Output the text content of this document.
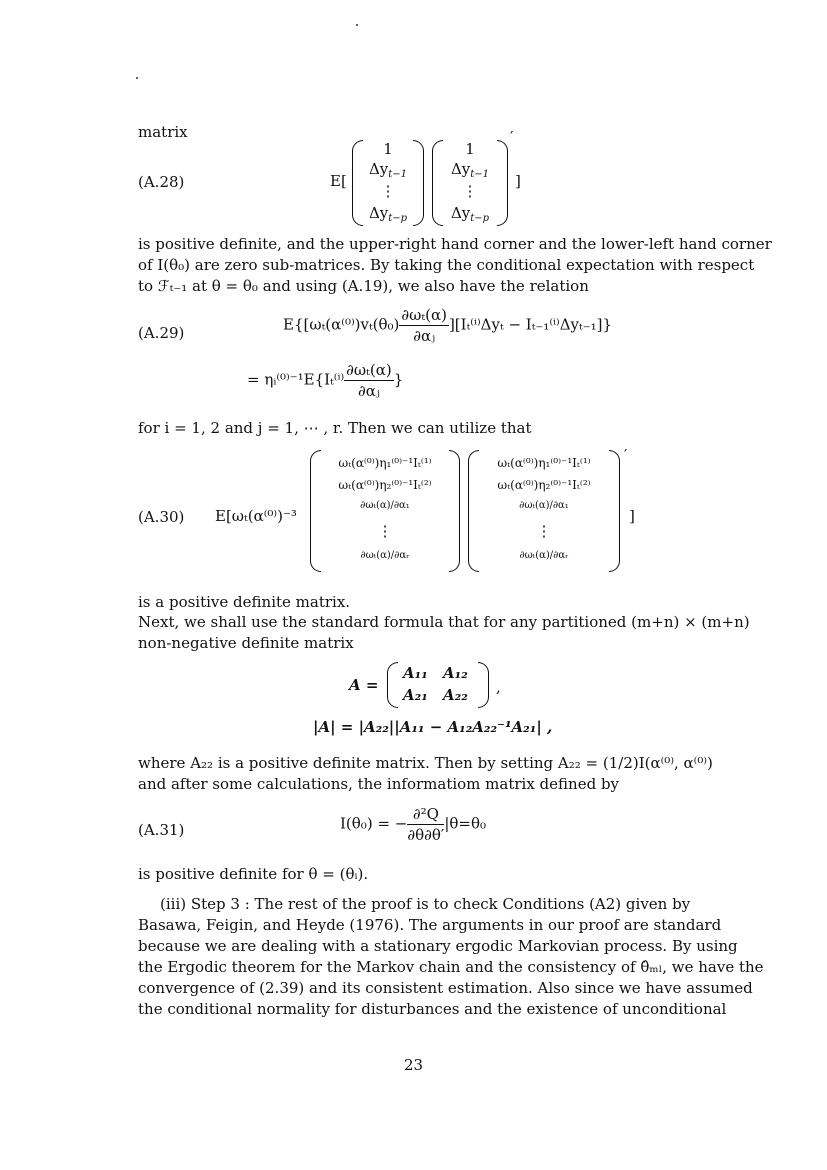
matrix
(A.28)	E[
1
$\Delta y_{t-1}$
⋮
$\Delta y_{t-p}$
1
$\Delta y_{t-1}$
⋮
$\Delta y_{t-p}$
′
]
is positive definite, and the upper-right hand corner and the lower-left hand corner
of I(θ₀) are zero sub-matrices. By taking the conditional expectation with respect
to ℱₜ₋₁ at θ = θ₀ and using (A.19), we also have the relation
(A.29)	$E\{[\omega_t(\alpha^{(0)})v_t(\theta_0) \frac{\text{∂ωₜ(α)}}{\text{∂αⱼ}} ][I_t^{(i)}\Delta y_t - I_{t-1}^{(i)}\Delta y_{t-1}]\}$
= ηᵢ⁽⁰⁾⁻¹E{Iₜ⁽ⁱ⁾ $\frac{\text{∂ωₜ(α)}}{\text{∂αⱼ}}$ }
for i = 1, 2 and j = 1, ⋯ , r. Then we can utilize that
(A.30) E[ωₜ(α⁽⁰⁾)⁻³
ωₜ(α⁽⁰⁾)η₁⁽⁰⁾⁻¹Iₜ⁽¹⁾
ωₜ(α⁽⁰⁾)η₂⁽⁰⁾⁻¹Iₜ⁽²⁾
∂ωₜ(α)/∂α₁
⋮
∂ωₜ(α)/∂αᵣ
ωₜ(α⁽⁰⁾)η₁⁽⁰⁾⁻¹Iₜ⁽¹⁾
ωₜ(α⁽⁰⁾)η₂⁽⁰⁾⁻¹Iₜ⁽²⁾
∂ωₜ(α)/∂α₁
⋮
∂ωₜ(α)/∂αᵣ
′
]
is a positive definite matrix.
Next, we shall use the standard formula that for any partitioned (m+n) × (m+n)
non-negative definite matrix
A =
A₁₁ A₁₂
A₂₁ A₂₂ ,
|A| = |A₂₂||A₁₁ − A₁₂A₂₂⁻¹A₂₁| ,
where A₂₂ is a positive definite matrix. Then by setting A₂₂ = (1/2)I(α⁽⁰⁾, α⁽⁰⁾)
and after some calculations, the informatiom matrix defined by
(A.31)	I(θ₀) = − $\frac{\text{∂²Q}}{\partial\theta\partial\theta'} |\theta=\theta_0$
is positive definite for θ = (θᵢ).
(iii) Step 3 : The rest of the proof is to check Conditions (A2) given by
Basawa, Feigin, and Heyde (1976). The arguments in our proof are standard
because we are dealing with a stationary ergodic Markovian process. By using
the Ergodic theorem for the Markov chain and the consistency of θ̂ₘₗ, we have the
convergence of (2.39) and its consistent estimation. Also since we have assumed
the conditional normality for disturbances and the existence of unconditional
23
